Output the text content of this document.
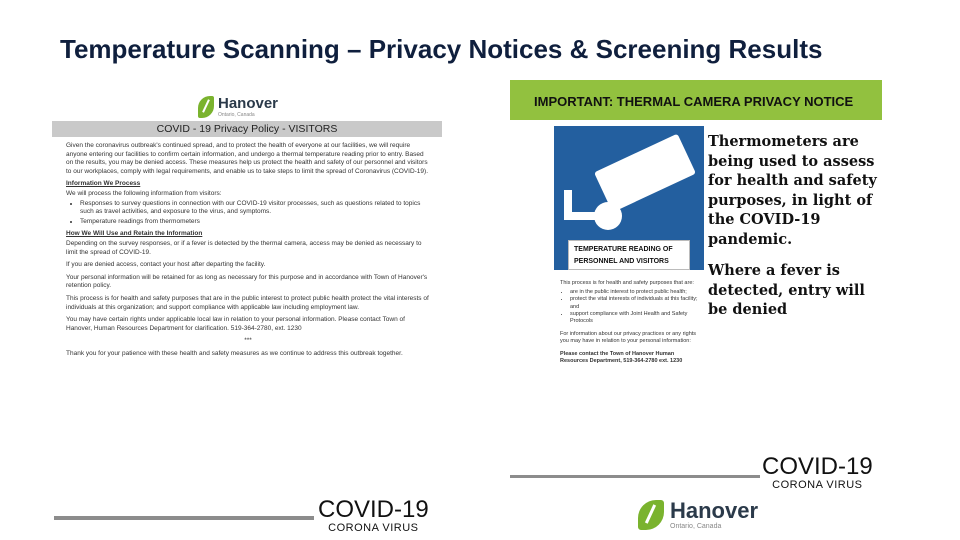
Temperature Scanning – Privacy Notices & Screening Results
Hanover
Ontario, Canada
COVID - 19 Privacy Policy - VISITORS

Given the coronavirus outbreak's continued spread, and to protect the health of everyone at our facilities, we will require anyone entering our facilities to confirm certain information, and undergo a thermal temperature reading prior to entry. Based on the results, you may be denied access. These measures help us protect the health and safety of our personnel and visitors to our workplaces, comply with legal requirements, and enable us to take steps to limit the spread of Coronavirus (COVID-19).

Information We Process

We will process the following information from visitors:

• Responses to survey questions in connection with our COVID-19 visitor processes, such as questions related to topics such as travel activities, and exposure to the virus, and symptoms.
• Temperature readings from thermometers

How We Will Use and Retain the Information

Depending on the survey responses, or if a fever is detected by the thermal camera, access may be denied as necessary to limit the spread of COVID-19.

If you are denied access, contact your host after departing the facility.

Your personal information will be retained for as long as necessary for this purpose and in accordance with Town of Hanover's retention policy.

This process is for health and safety purposes that are in the public interest to protect public health protect the vital interests of individuals at this organization; and support compliance with applicable law including employment law.

You may have certain rights under applicable local law in relation to your personal information. Please contact Town of Hanover, Human Resources Department for clarification. 519-364-2780, ext. 1230

***

Thank you for your patience with these health and safety measures as we continue to address this outbreak together.

IMPORTANT: THERMAL CAMERA PRIVACY NOTICE
TEMPERATURE READING OF PERSONNEL AND VISITORS

Thermometers are being used to assess for health and safety purposes, in light of the COVID-19 pandemic.

Where a fever is detected, entry will be denied

This process is for health and safety purposes that are:

• are in the public interest to protect public health;
• protect the vital interests of individuals at this facility; and
• support compliance with Joint Health and Safety Protocols

For information about our privacy practices or any rights you may have in relation to your personal information:

Please contact the Town of Hanover Human Resources Department, 519-364-2780 ext. 1230

COVID-19
CORONA VIRUS
COVID-19
CORONA VIRUS
Hanover
Ontario, Canada
